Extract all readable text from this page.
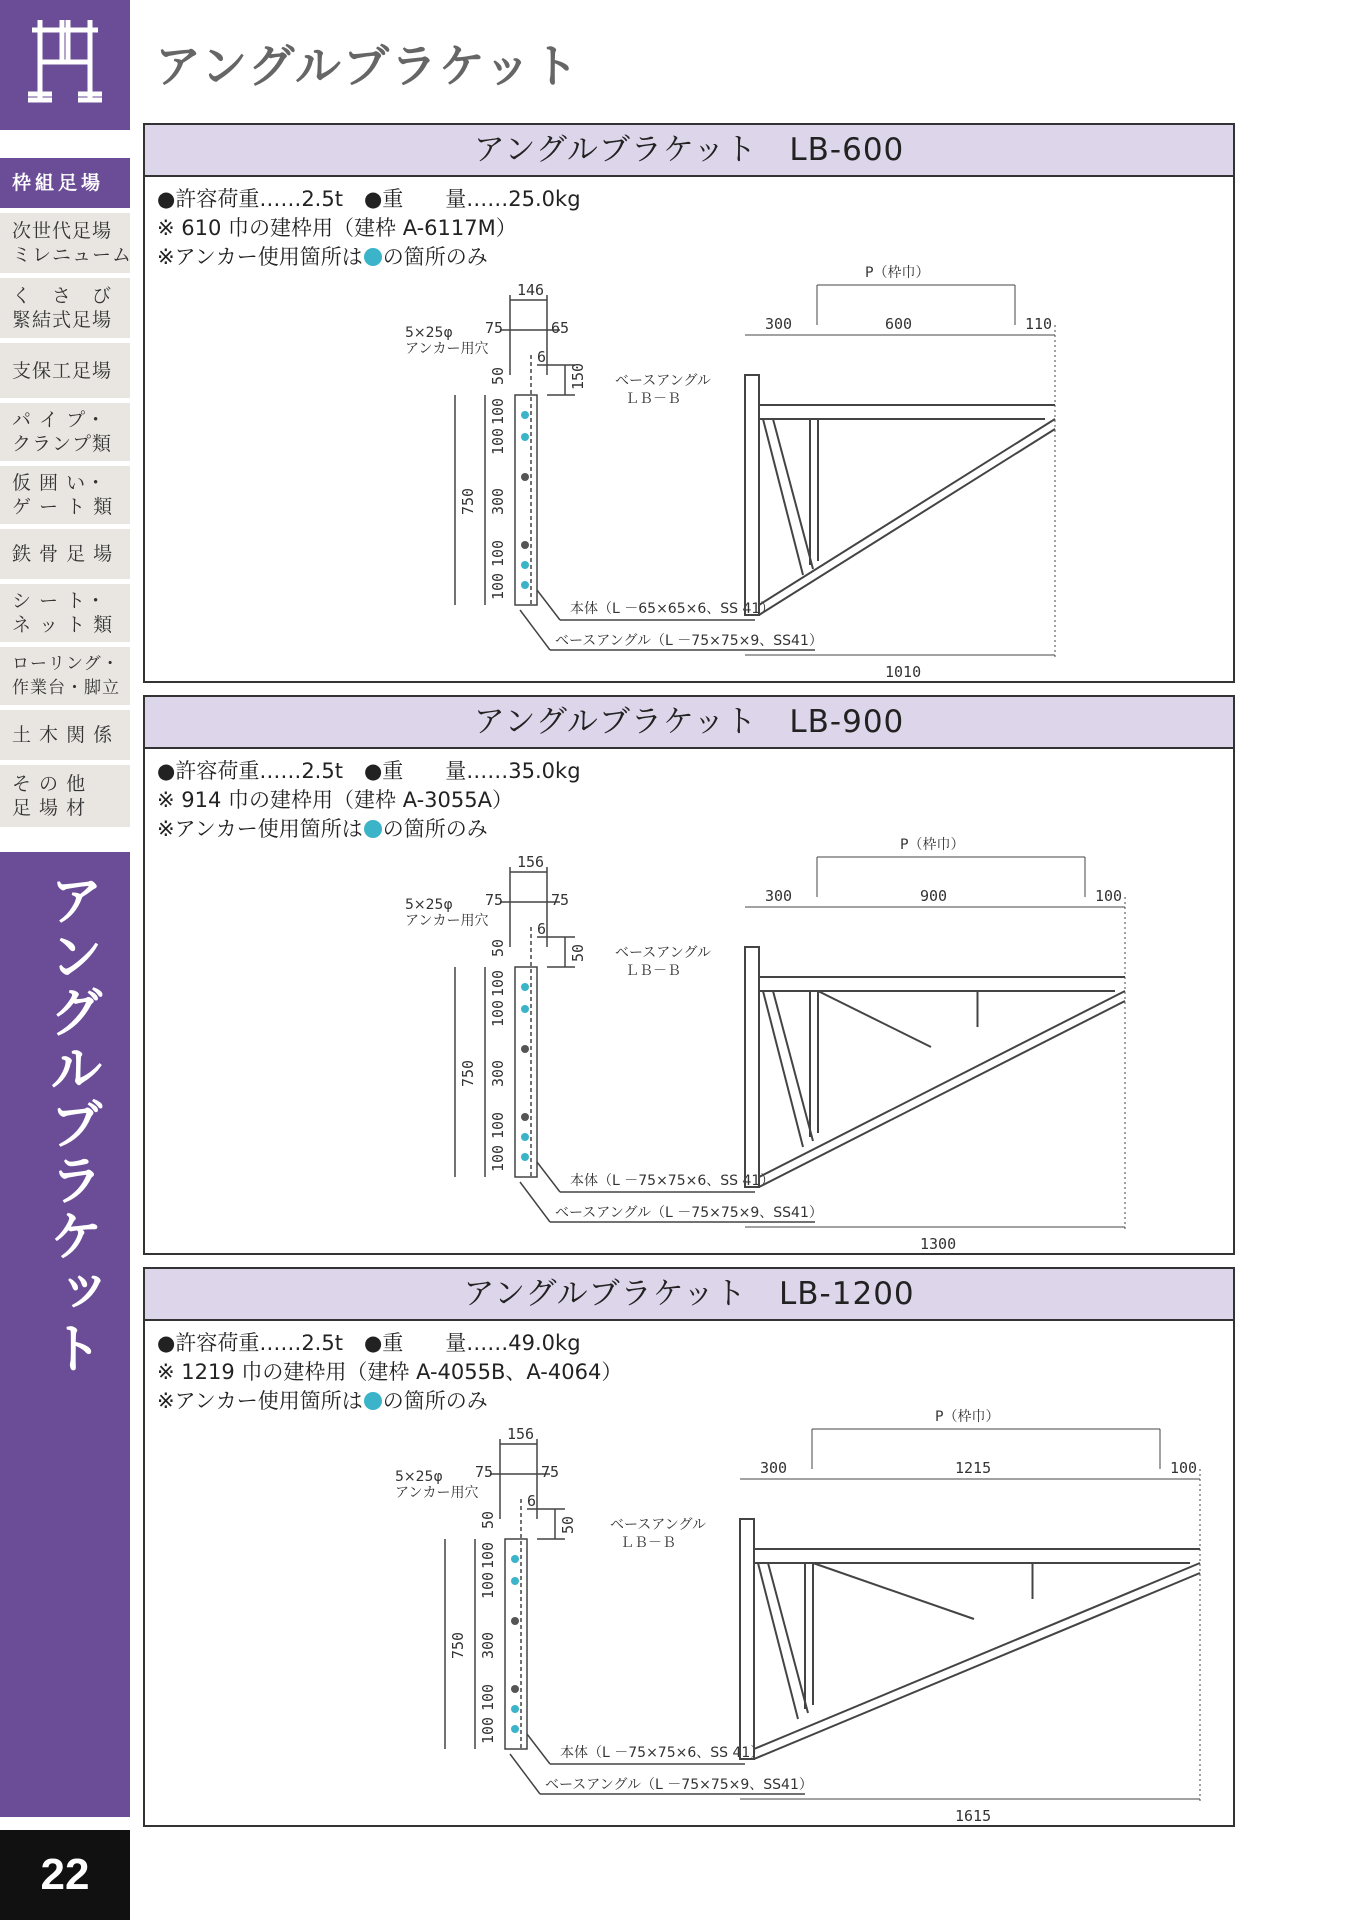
枠組足場
次世代足場
ミレニューム
く　さ　び
緊結式足場
支保工足場
パ イ プ・
クランプ類
仮 囲 い・
ゲ ー ト 類
鉄 骨 足 場
シ ー ト・
ネ ッ ト 類
ローリング・
作業台・脚立
土 木 関 係
そ の 他
足 場 材
アングルブラケット
22
アングルブラケット
アングルブラケット　LB-600
●許容荷重……2.5t　●重　　量……25.0kg
※ 610 巾の建枠用（建枠 A-6117M）
※アンカー使用箇所は の箇所のみ
146
75	65
6
5×25φ
アンカー用穴
50	150
100
100
300
100
100
750
本体（L －65×65×6、SS 41）
ベースアングル（L －75×75×9、SS41）
P（枠巾）
300	600	110
1010
ベースアングル
ＬＢ－Ｂ
アングルブラケット　LB-900
●許容荷重……2.5t　●重　　量……35.0kg
※ 914 巾の建枠用（建枠 A-3055A）
※アンカー使用箇所は の箇所のみ
156
75	75
6
5×25φ
アンカー用穴
50	50
100
100
300
100
100
750
本体（L －75×75×6、SS 41）
ベースアングル（L －75×75×9、SS41）
P（枠巾）
300	900	100
1300
ベースアングル
ＬＢ－Ｂ
アングルブラケット　LB-1200
●許容荷重……2.5t　●重　　量……49.0kg
※ 1219 巾の建枠用（建枠 A-4055B、A-4064）
※アンカー使用箇所は の箇所のみ
156
75	75
6
5×25φ
アンカー用穴
50	50
100
100
300
100
100
750
本体（L －75×75×6、SS 41）
ベースアングル（L －75×75×9、SS41）
P（枠巾）
300	1215	100
1615
ベースアングル
ＬＢ－Ｂ
